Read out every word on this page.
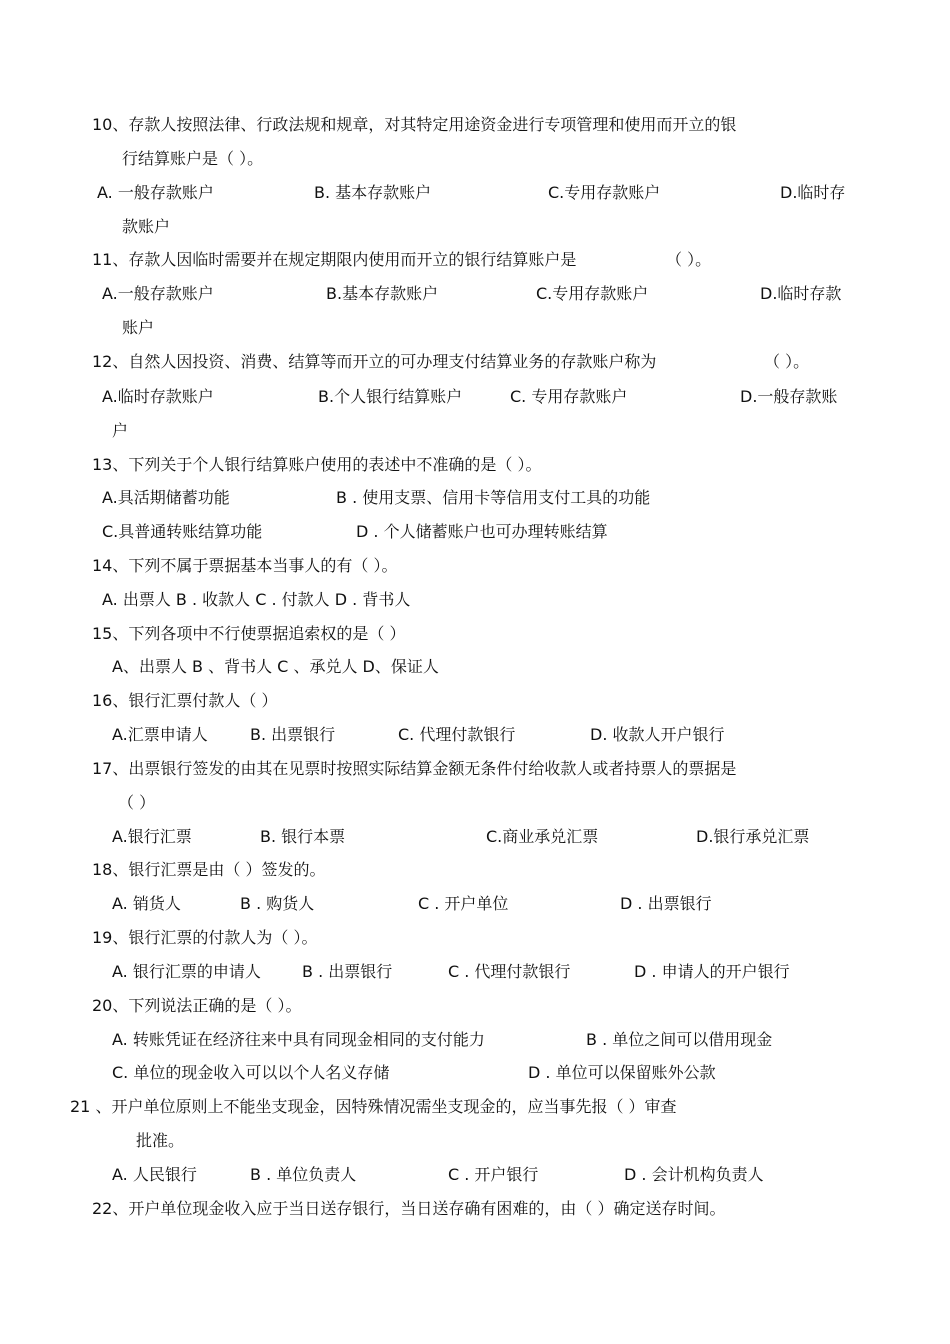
10、存款人按照法律、行政法规和规章，对其特定用途资金进行专项管理和使用而开立的银
行结算账户是（ ）。
A. 一般存款账户	B. 基本存款账户	C.专用存款账户	D.临时存
款账户
11、存款人因临时需要并在规定期限内使用而开立的银行结算账户是	（ ）。
A.一般存款账户	B.基本存款账户	C.专用存款账户	D.临时存款
账户
12、自然人因投资、消费、结算等而开立的可办理支付结算业务的存款账户称为	（ ）。
A.临时存款账户	B.个人银行结算账户	C. 专用存款账户	D.一般存款账
户
13、下列关于个人银行结算账户使用的表述中不准确的是（ ）。
A.具活期储蓄功能	B . 使用支票、信用卡等信用支付工具的功能
C.具普通转账结算功能	D . 个人储蓄账户也可办理转账结算
14、下列不属于票据基本当事人的有（ ）。
A. 出票人 B . 收款人 C . 付款人 D . 背书人
15、下列各项中不行使票据追索权的是（ ）
A、出票人 B 、背书人 C 、承兑人 D、保证人
16、银行汇票付款人（ ）
A.汇票申请人	B. 出票银行	C. 代理付款银行	D. 收款人开户银行
17、出票银行签发的由其在见票时按照实际结算金额无条件付给收款人或者持票人的票据是
（ ）
A.银行汇票	B. 银行本票	C.商业承兑汇票	D.银行承兑汇票
18、银行汇票是由（ ）签发的。
A. 销货人	B . 购货人	C . 开户单位	D . 出票银行
19、银行汇票的付款人为（ ）。
A. 银行汇票的申请人	B . 出票银行	C . 代理付款银行	D . 申请人的开户银行
20、下列说法正确的是（ ）。
A. 转账凭证在经济往来中具有同现金相同的支付能力	B . 单位之间可以借用现金
C. 单位的现金收入可以以个人名义存储	D . 单位可以保留账外公款
21 、开户单位原则上不能坐支现金，因特殊情况需坐支现金的，应当事先报（ ）审查
批准。
A. 人民银行	B . 单位负责人	C . 开户银行	D . 会计机构负责人
22、开户单位现金收入应于当日送存银行，当日送存确有困难的，由（ ）确定送存时间。
